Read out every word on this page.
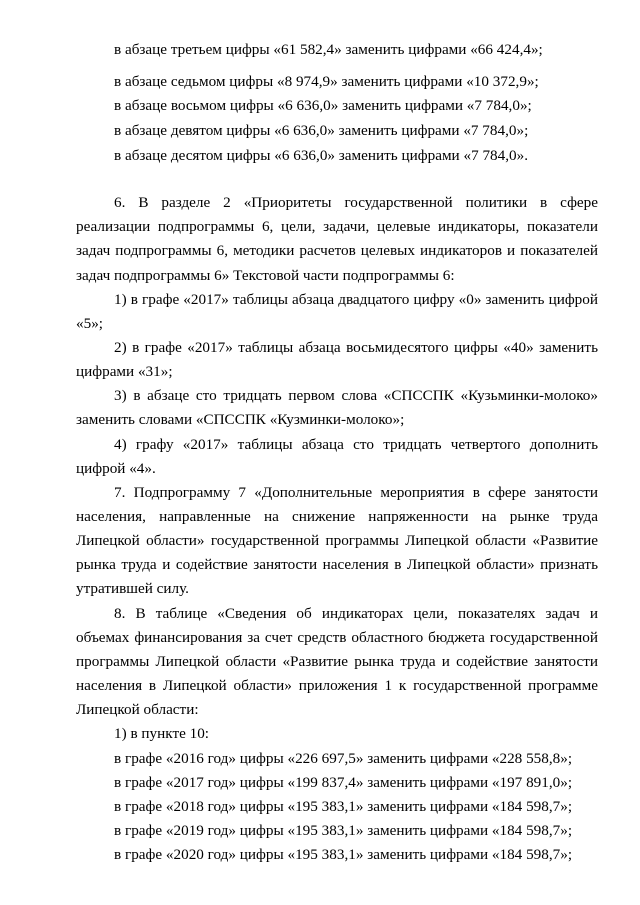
в абзаце третьем цифры «61 582,4» заменить цифрами «66 424,4»;
в абзаце седьмом цифры «8 974,9» заменить цифрами «10 372,9»;
в абзаце восьмом цифры «6 636,0» заменить цифрами «7 784,0»;
в абзаце девятом цифры «6 636,0» заменить цифрами «7 784,0»;
в абзаце десятом цифры «6 636,0» заменить цифрами «7 784,0».
6. В разделе 2 «Приоритеты государственной политики в сфере
реализации подпрограммы 6, цели, задачи, целевые индикаторы, показатели
задач подпрограммы 6, методики расчетов целевых индикаторов и показателей
задач подпрограммы 6» Текстовой части подпрограммы 6:
1) в графе «2017» таблицы абзаца двадцатого цифру «0» заменить цифрой
«5»;
2) в графе «2017» таблицы абзаца восьмидесятого цифры «40» заменить
цифрами «31»;
3) в абзаце сто тридцать первом слова «СПССПК «Кузьминки-молоко»
заменить словами «СПССПК «Кузминки-молоко»;
4) графу «2017» таблицы абзаца сто тридцать четвертого дополнить
цифрой «4».
7. Подпрограмму 7 «Дополнительные мероприятия в сфере занятости
населения, направленные на снижение напряженности на рынке труда
Липецкой области» государственной программы Липецкой области «Развитие
рынка труда и содействие занятости населения в Липецкой области» признать
утратившей силу.
8. В таблице «Сведения об индикаторах цели, показателях задач и
объемах финансирования за счет средств областного бюджета государственной
программы Липецкой области «Развитие рынка труда и содействие занятости
населения в Липецкой области» приложения 1 к государственной программе
Липецкой области:
1) в пункте 10:
в графе «2016 год» цифры «226 697,5» заменить цифрами «228 558,8»;
в графе «2017 год» цифры «199 837,4» заменить цифрами «197 891,0»;
в графе «2018 год» цифры «195 383,1» заменить цифрами «184 598,7»;
в графе «2019 год» цифры «195 383,1» заменить цифрами «184 598,7»;
в графе «2020 год» цифры «195 383,1» заменить цифрами «184 598,7»;
